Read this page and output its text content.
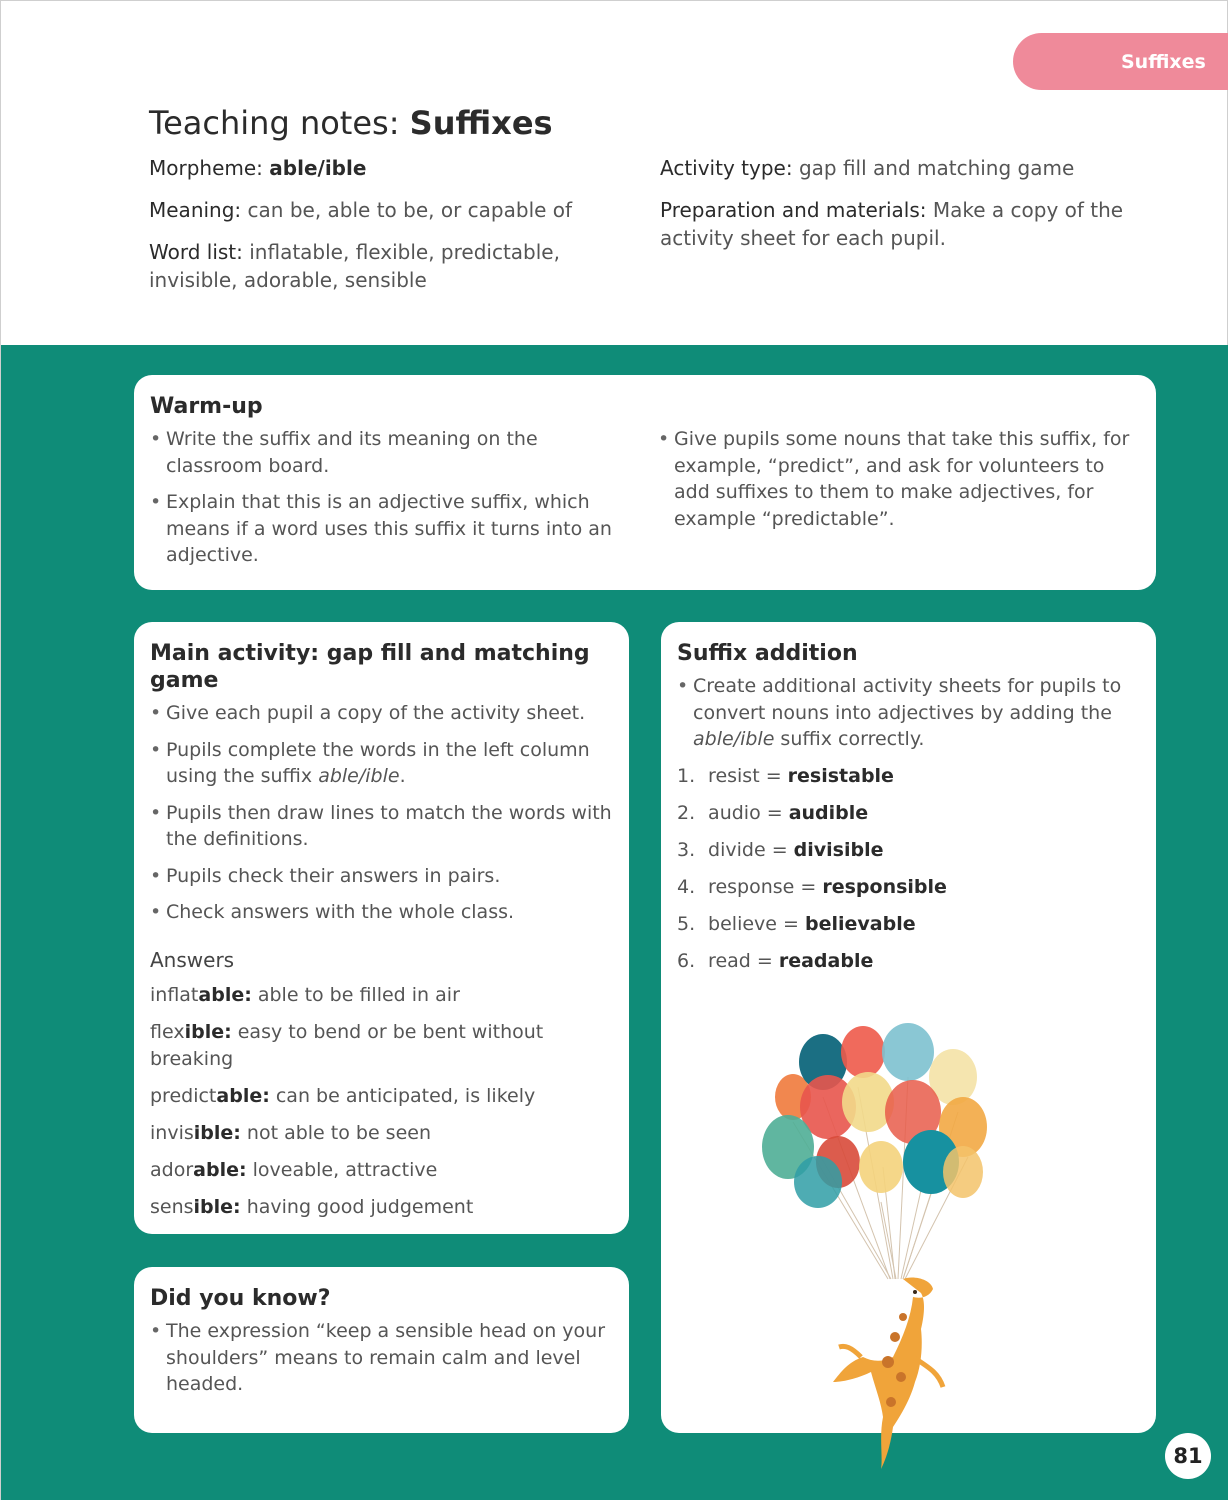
Suffixes
Teaching notes: Suffixes
Morpheme: able/ible
Meaning: can be, able to be, or capable of
Word list: inflatable, flexible, predictable, invisible, adorable, sensible
Activity type: gap fill and matching game
Preparation and materials: Make a copy of the activity sheet for each pupil.
Warm-up
• Write the suffix and its meaning on the classroom board.
• Explain that this is an adjective suffix, which means if a word uses this suffix it turns into an adjective.
• Give pupils some nouns that take this suffix, for example, “predict”, and ask for volunteers to add suffixes to them to make adjectives, for example “predictable”.
Main activity: gap fill and matching game
• Give each pupil a copy of the activity sheet.
• Pupils complete the words in the left column using the suffix able/ible.
• Pupils then draw lines to match the words with the definitions.
• Pupils check their answers in pairs.
• Check answers with the whole class.
Answers
inflatable: able to be filled in air
flexible: easy to bend or be bent without breaking
predictable: can be anticipated, is likely
invisible: not able to be seen
adorable: loveable, attractive
sensible: having good judgement
Suffix addition
• Create additional activity sheets for pupils to convert nouns into adjectives by adding the able/ible suffix correctly.
1. resist = resistable
2. audio = audible
3. divide = divisible
4. response = responsible
5. believe = believable
6. read = readable
Did you know?
• The expression “keep a sensible head on your shoulders” means to remain calm and level headed.
81
